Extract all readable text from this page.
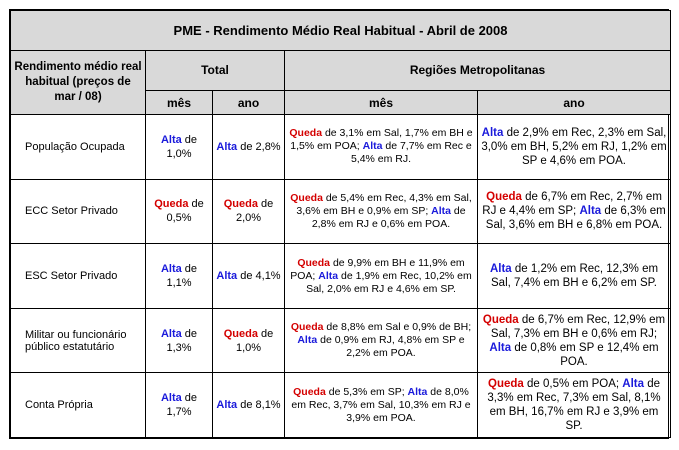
PME - Rendimento Médio Real Habitual - Abril de 2008				
Rendimento médio real habitual (preços de mar / 08)	Total		Regiões Metropolitanas	
	mês	ano	mês	ano
População Ocupada	Alta de 1,0%	Alta de 2,8%	Queda de 3,1% em Sal, 1,7% em BH e 1,5% em POA; Alta de 7,7% em Rec e 5,4% em RJ.	Alta de 2,9% em Rec, 2,3% em Sal, 3,0% em BH, 5,2% em RJ, 1,2% em SP e 4,6% em POA.
ECC Setor Privado	Queda de 0,5%	Queda de 2,0%	Queda de 5,4% em Rec, 4,3% em Sal, 3,6% em BH e 0,9% em SP; Alta de 2,8% em RJ e 0,6% em POA.	Queda de 6,7% em Rec, 2,7% em RJ e 4,4% em SP; Alta de 6,3% em Sal, 3,6% em BH e 6,8% em POA.
ESC Setor Privado	Alta de 1,1%	Alta de 4,1%	Queda de 9,9% em BH e 11,9% em POA; Alta de 1,9% em Rec, 10,2% em Sal, 2,0% em RJ e 4,6% em SP.	Alta de 1,2% em Rec, 12,3% em Sal, 7,4% em BH e 6,2% em SP.
Militar ou funcionário público estatutário	Alta de 1,3%	Queda de 1,0%	Queda de 8,8% em Sal e 0,9% de BH; Alta de 0,9% em RJ, 4,8% em SP e 2,2% em POA.	Queda de 6,7% em Rec, 12,9% em Sal, 7,3% em BH e 0,6% em RJ; Alta de 0,8% em SP e 12,4% em POA.
Conta Própria	Alta de 1,7%	Alta de 8,1%	Queda de 5,3% em SP; Alta de 8,0% em Rec, 3,7% em Sal, 10,3% em RJ e 3,9% em POA.	Queda de 0,5% em POA; Alta de 3,3% em Rec, 7,3% em Sal, 8,1% em BH, 16,7% em RJ e 3,9% em SP.
